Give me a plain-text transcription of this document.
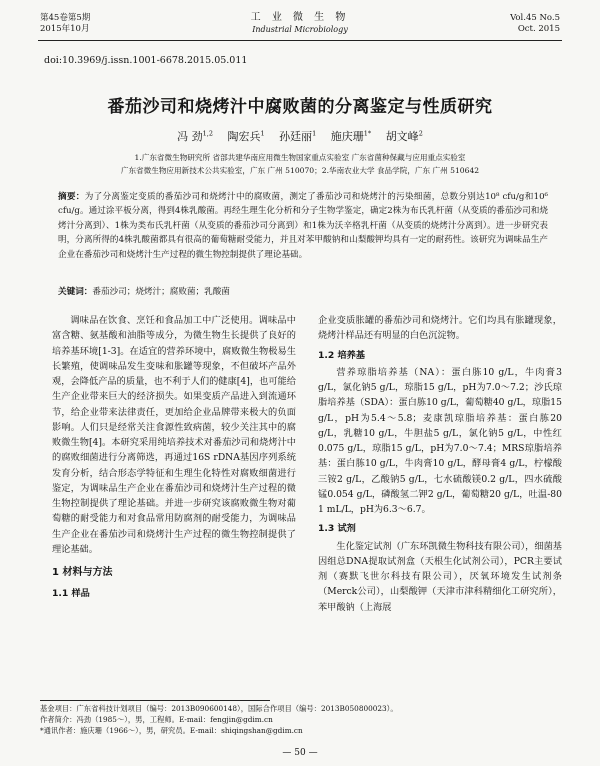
第45卷第5期
2015年10月
工 业 微 生 物
Industrial Microbiology
Vol.45 No.5
Oct. 2015
doi:10.3969/j.issn.1001-6678.2015.05.011
番茄沙司和烧烤汁中腐败菌的分离鉴定与性质研究
冯 劲$^{1,2}$  陶宏兵$^1$  孙廷丽$^1$  施庆珊$^{1*}$  胡文峰$^2$
1.广东省微生物研究所 省部共建华南应用微生物国家重点实验室 广东省菌种保藏与应用重点实验室
广东省微生物应用新技术公共实验室，广东 广州 510070；2.华南农业大学 食品学院，广东 广州 510642
摘要：为了分离鉴定变质的番茄沙司和烧烤汁中的腐败菌，测定了番茄沙司和烧烤汁的污染细菌，总数分别达10⁸ cfu/g和10⁶ cfu/g。通过涂平板分离，得到4株乳酸菌。再经生理生化分析和分子生物学鉴定，确定2株为布氏乳杆菌（从变质的番茄沙司和烧烤汁分离到）、1株为类布氏乳杆菌（从变质的番茄沙司分离到）和1株为沃辛格乳杆菌（从变质的烧烤汁分离到）。进一步研究表明，分离所得的4株乳酸菌都具有很高的葡萄糖耐受能力，并且对苯甲酸钠和山梨酸钾均具有一定的耐药性。该研究为调味品生产企业在番茄沙司和烧烤汁生产过程的微生物控制提供了理论基础。
关键词：番茄沙司；烧烤汁；腐败菌；乳酸菌

调味品在饮食、烹饪和食品加工中广泛使用。调味品中富含糖、氨基酸和油脂等成分，为微生物生长提供了良好的培养基环境[1-3]。在适宜的营养环境中，腐败微生物极易生长繁殖，使调味品发生变味和胀罐等现象，不但破坏产品外观，会降低产品的质量，也不利于人们的健康[4]，也可能给生产企业带来巨大的经济损失。如果变质产品进入到流通环节，给企业带来法律责任，更加给企业品牌带来极大的负面影响。人们只是经常关注食源性致病菌，较少关注其中的腐败微生物[4]。本研究采用纯培养技术对番茄沙司和烧烤汁中的腐败细菌进行分离筛选，再通过16S rDNA基因序列系统发育分析，结合形态学特征和生理生化特性对腐败细菌进行鉴定，为调味品生产企业在番茄沙司和烧烤汁生产过程的微生物控制提供了理论基础。并进一步研究该腐败微生物对葡萄糖的耐受能力和对食品常用防腐剂的耐受能力，为调味品生产企业在番茄沙司和烧烤汁生产过程的微生物控制提供了理论基础。

1 材料与方法
1.1 样品

企业变质胀罐的番茄沙司和烧烤汁。它们均具有胀罐现象，烧烤汁样品还有明显的白色沉淀物。

1.2 培养基

营养琼脂培养基（NA）：蛋白胨10 g/L，牛肉膏3 g/L，氯化钠5 g/L，琼脂15 g/L，pH为7.0～7.2；沙氏琼脂培养基（SDA）：蛋白胨10 g/L，葡萄糖40 g/L，琼脂15 g/L，pH为5.4～5.8；麦康凯琼脂培养基：蛋白胨20 g/L，乳糖10 g/L，牛胆盐5 g/L，氯化钠5 g/L，中性红0.075 g/L，琼脂15 g/L，pH为7.0～7.4；MRS琼脂培养基：蛋白胨10 g/L，牛肉膏10 g/L，酵母膏4 g/L，柠檬酸三铵2 g/L，乙酸钠5 g/L，七水硫酸镁0.2 g/L，四水硫酸锰0.054 g/L，磷酸氢二钾2 g/L，葡萄糖20 g/L，吐温-80 1 mL/L，pH为6.3～6.7。

1.3 试剂

生化鉴定试剂（广东环凯微生物科技有限公司），细菌基因组总DNA提取试剂盒（天根生化试剂公司），PCR主要试剂（赛默飞世尔科技有限公司），厌氧环境发生试剂条（Merck公司），山梨酸钾（天津市津科精细化工研究所），苯甲酸钠（上海展

基金项目：广东省科技计划项目（编号：2013B090600148），国际合作项目（编号：2013B050800023）。
作者简介：冯劲（1985～），男，工程师。E-mail：fengjin@gdim.cn
*通讯作者：施庆珊（1966～），男，研究员。E-mail：shiqingshan@gdim.cn
— 50 —
